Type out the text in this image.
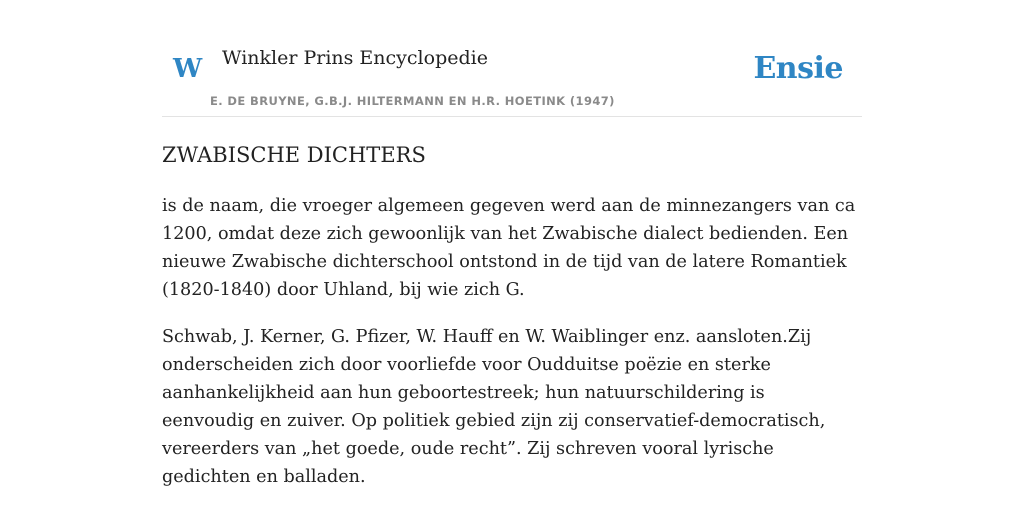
W Winkler Prins Encyclopedie
E. DE BRUYNE, G.B.J. HILTERMANN EN H.R. HOETINK (1947)
Ensie
ZWABISCHE DICHTERS

is de naam, die vroeger algemeen gegeven werd aan de minnezangers van ca 1200, omdat deze zich gewoonlijk van het Zwabische dialect bedienden. Een nieuwe Zwabische dichterschool ontstond in de tijd van de latere Romantiek (1820-1840) door Uhland, bij wie zich G.

Schwab, J. Kerner, G. Pfizer, W. Hauff en W. Waiblinger enz. aansloten.Zij onderscheiden zich door voorliefde voor Oudduitse poëzie en sterke aanhankelijkheid aan hun geboortestreek; hun natuurschildering is eenvoudig en zuiver. Op politiek gebied zijn zij conservatief-democratisch, vereerders van „het goede, oude recht”. Zij schreven vooral lyrische gedichten en balladen.
